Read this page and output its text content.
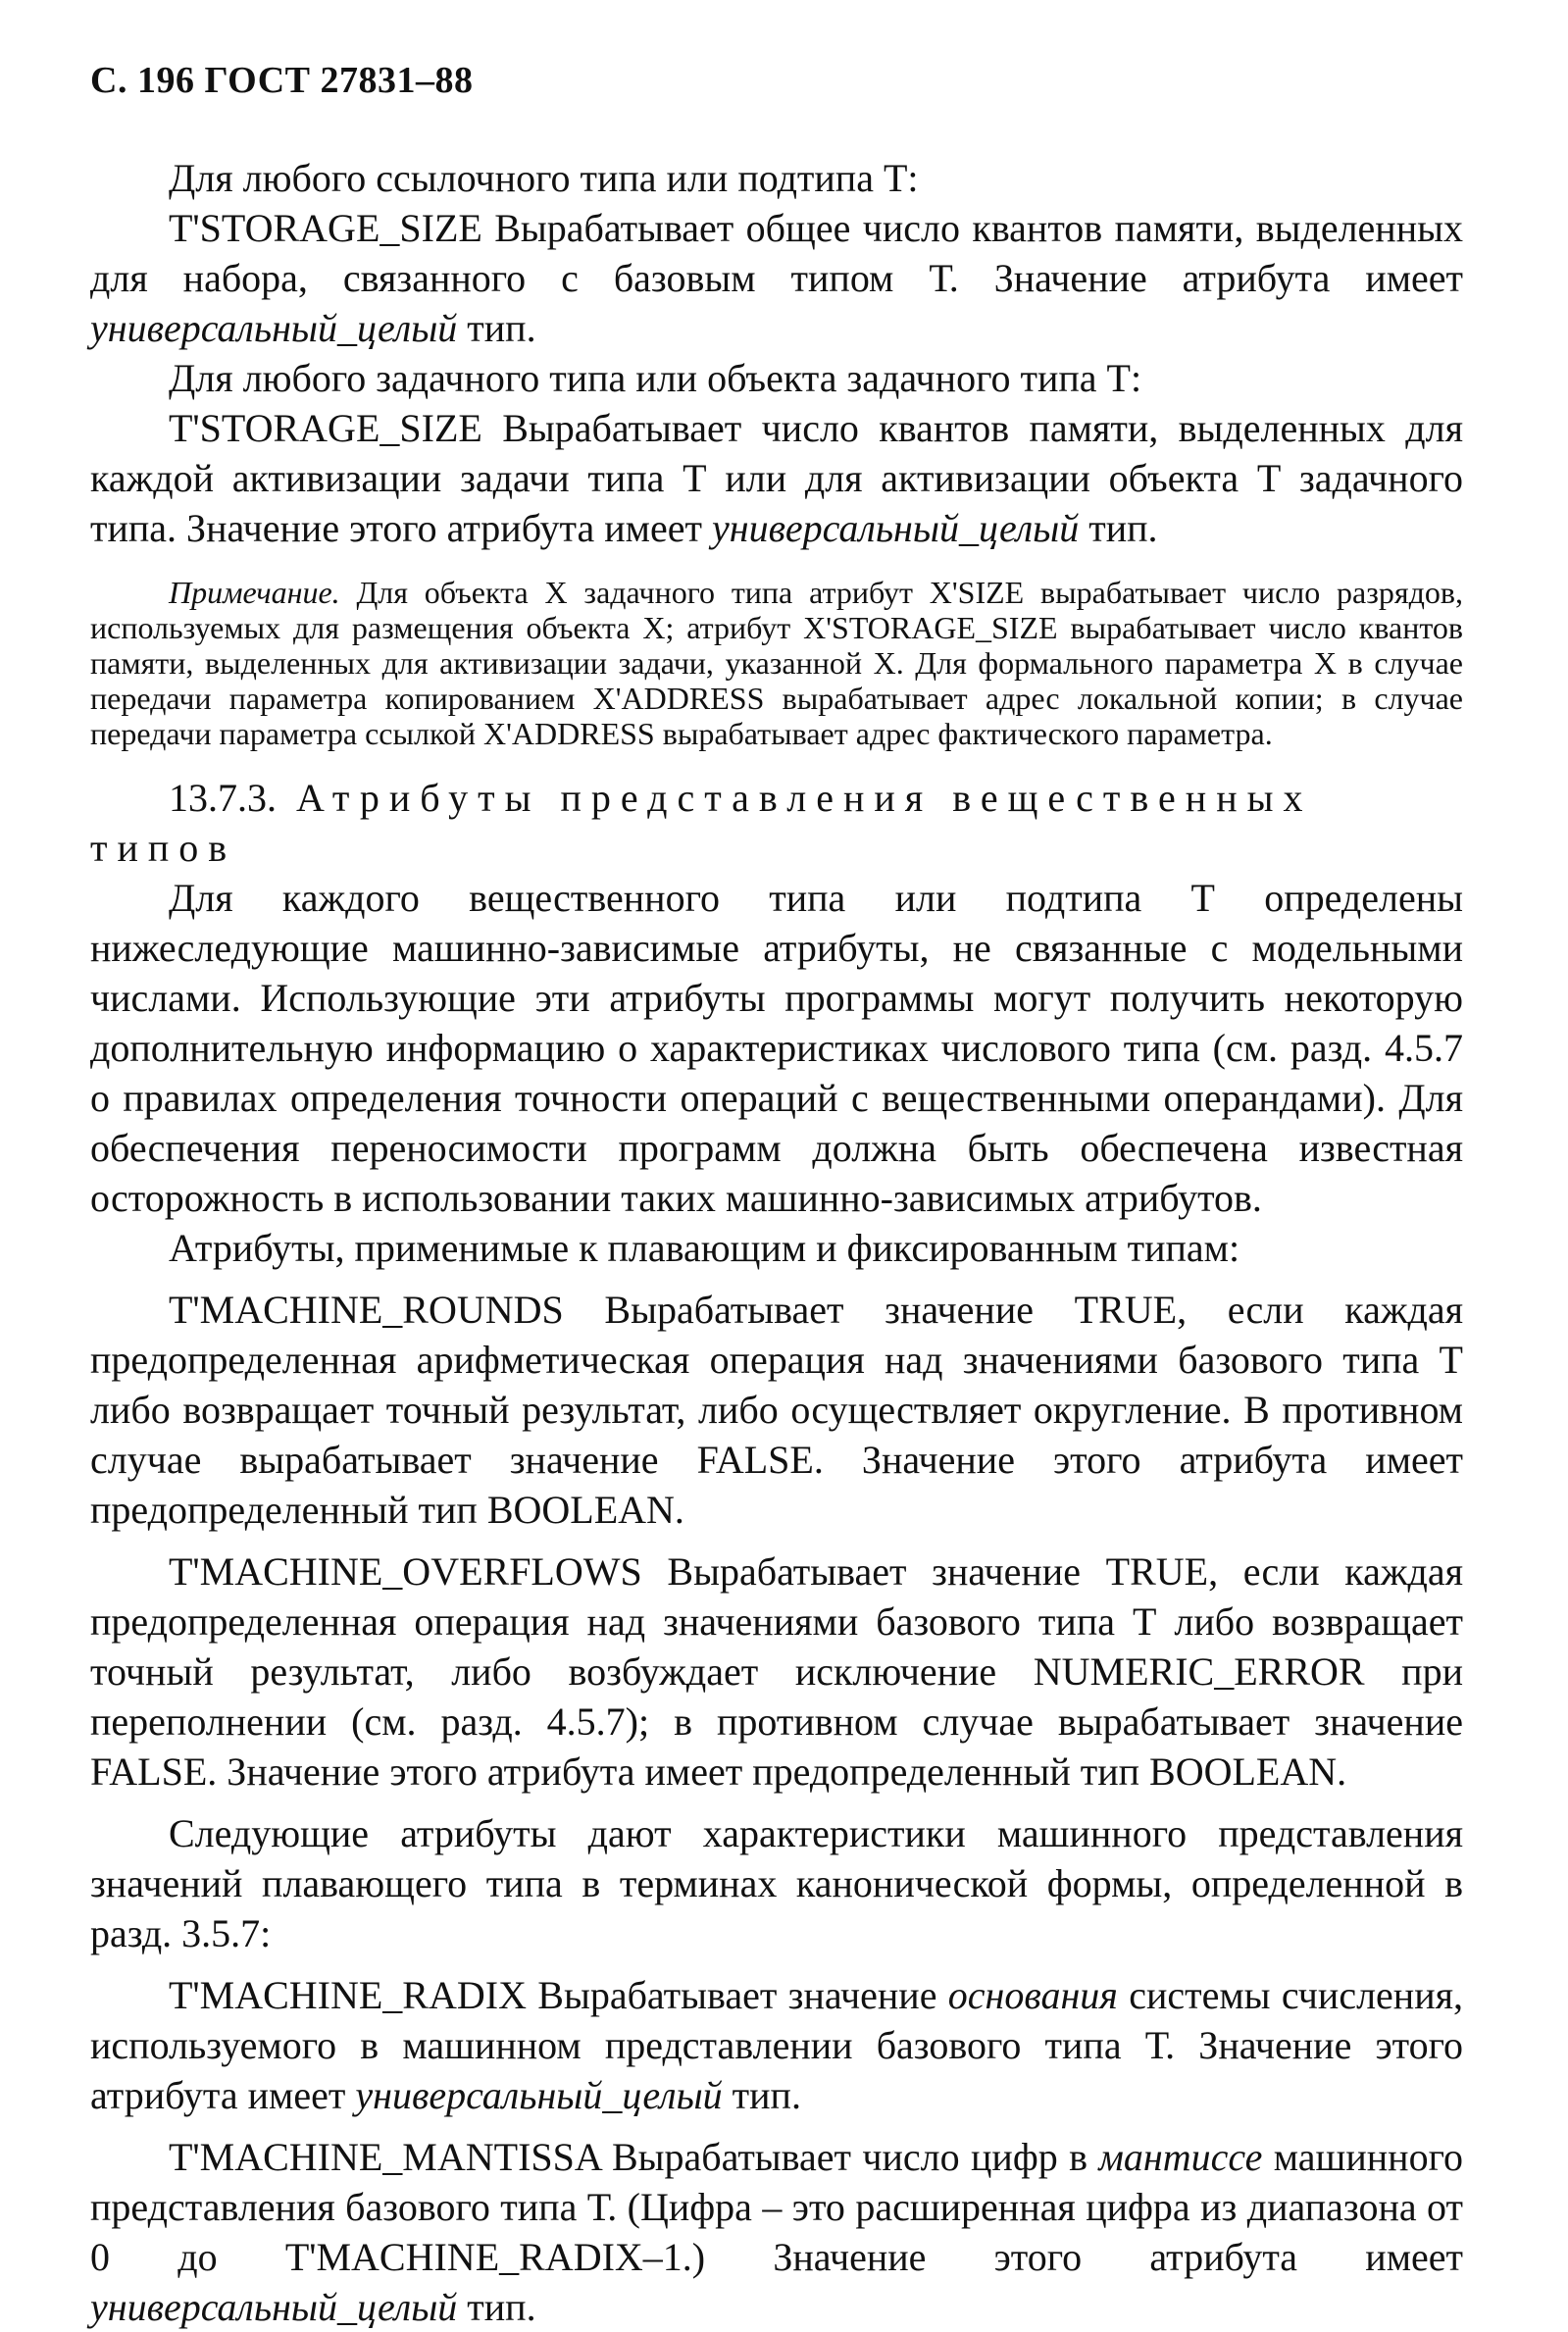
С. 196 ГОСТ 27831–88

Для любого ссылочного типа или подтипа Т:

T'STORAGE_SIZE Вырабатывает общее число квантов памяти, выделенных для набора, связанного с базовым типом Т. Значение атрибута имеет универсальный_целый тип.

Для любого задачного типа или объекта задачного типа Т:

T'STORAGE_SIZE Вырабатывает число квантов памяти, выделенных для каждой активизации задачи типа Т или для активизации объекта Т задачного типа. Значение этого атрибута имеет универсальный_целый тип.

Примечание. Для объекта Х задачного типа атрибут X'SIZE вырабатывает число разрядов, используемых для размещения объекта Х; атрибут X'STORAGE_SIZE вырабатывает число квантов памяти, выделенных для активизации задачи, указанной Х. Для формального параметра Х в случае передачи параметра копированием X'ADDRESS вырабатывает адрес локальной копии; в случае передачи параметра ссылкой X'ADDRESS вырабатывает адрес фактического параметра.

13.7.3. Атрибуты представления вещественных типов

Для каждого вещественного типа или подтипа Т определены нижеследующие машинно-зависимые атрибуты, не связанные с модельными числами. Использующие эти атрибуты программы могут получить некоторую дополнительную информацию о характеристиках числового типа (см. разд. 4.5.7 о правилах определения точности операций с вещественными операндами). Для обеспечения переносимости программ должна быть обеспечена известная осторожность в использовании таких машинно-зависимых атрибутов.

Атрибуты, применимые к плавающим и фиксированным типам:

T'MACHINE_ROUNDS Вырабатывает значение TRUE, если каждая предопределенная арифметическая операция над значениями базового типа Т либо возвращает точный результат, либо осуществляет округление. В противном случае вырабатывает значение FALSE. Значение этого атрибута имеет предопределенный тип BOOLEAN.

T'MACHINE_OVERFLOWS Вырабатывает значение TRUE, если каждая предопределенная операция над значениями базового типа Т либо возвращает точный результат, либо возбуждает исключение NUMERIC_ERROR при переполнении (см. разд. 4.5.7); в противном случае вырабатывает значение FALSE. Значение этого атрибута имеет предопределенный тип BOOLEAN.

Следующие атрибуты дают характеристики машинного представления значений плавающего типа в терминах канонической формы, определенной в разд. 3.5.7:

T'MACHINE_RADIX Вырабатывает значение основания системы счисления, используемого в машинном представлении базового типа Т. Значение этого атрибута имеет универсальный_целый тип.

T'MACHINE_MANTISSA Вырабатывает число цифр в мантиссе машинного представления базового типа Т. (Цифра – это расширенная цифра из диапазона от 0 до T'MACHINE_RADIX–1.) Значение этого атрибута имеет универсальный_целый тип.
